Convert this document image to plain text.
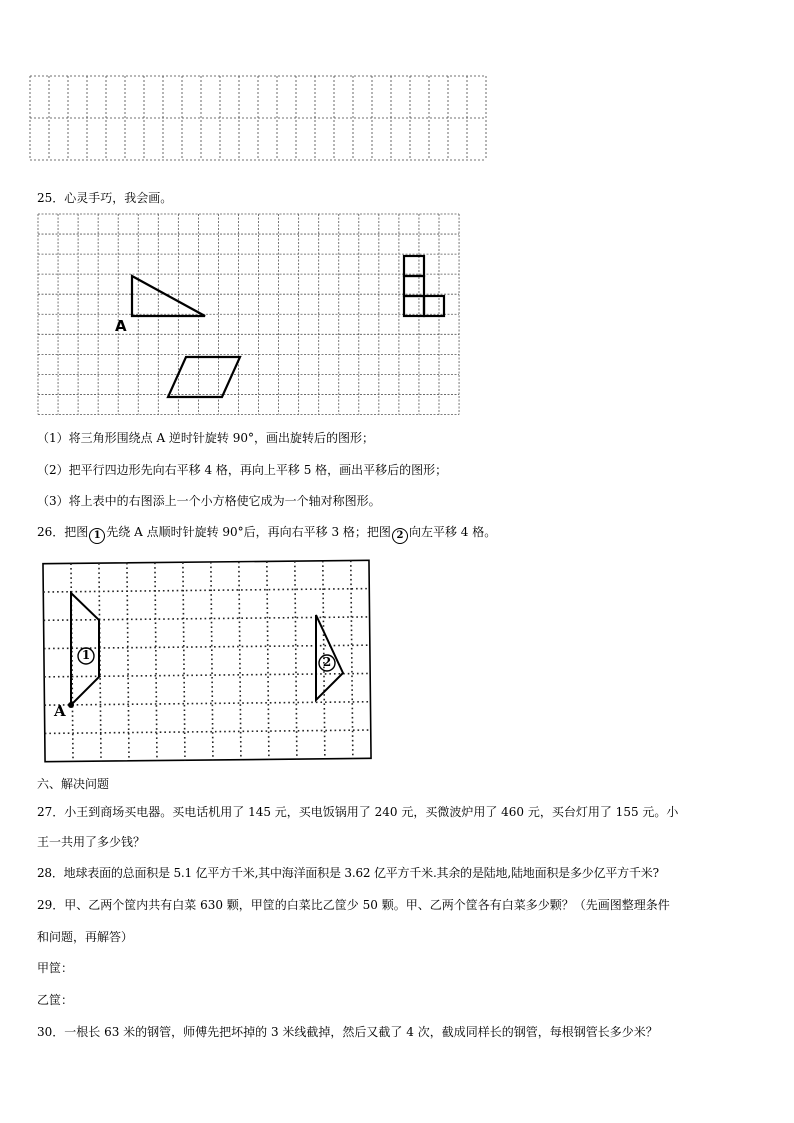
25．心灵手巧，我会画。
A
（1）将三角形围绕点 A 逆时针旋转 90°，画出旋转后的图形；
（2）把平行四边形先向右平移 4 格，再向上平移 5 格，画出平移后的图形；
（3）将上表中的右图添上一个小方格使它成为一个轴对称图形。
26．把图 1 先绕 A 点顺时针旋转 90°后，再向右平移 3 格；把图 2 向左平移 4 格。
1	2
A
六、解决问题
27．小王到商场买电器。买电话机用了 145 元，买电饭锅用了 240 元，买微波炉用了 460 元，买台灯用了 155 元。小
王一共用了多少钱？
28．地球表面的总面积是 5.1 亿平方千米,其中海洋面积是 3.62 亿平方千米.其余的是陆地,陆地面积是多少亿平方千米?
29．甲、乙两个筐内共有白菜 630 颗，甲筐的白菜比乙筐少 50 颗。甲、乙两个筐各有白菜多少颗？（先画图整理条件
和问题，再解答）
甲筐：
乙筐：
30．一根长 63 米的钢管，师傅先把坏掉的 3 米线截掉，然后又截了 4 次，截成同样长的钢管，每根钢管长多少米？
